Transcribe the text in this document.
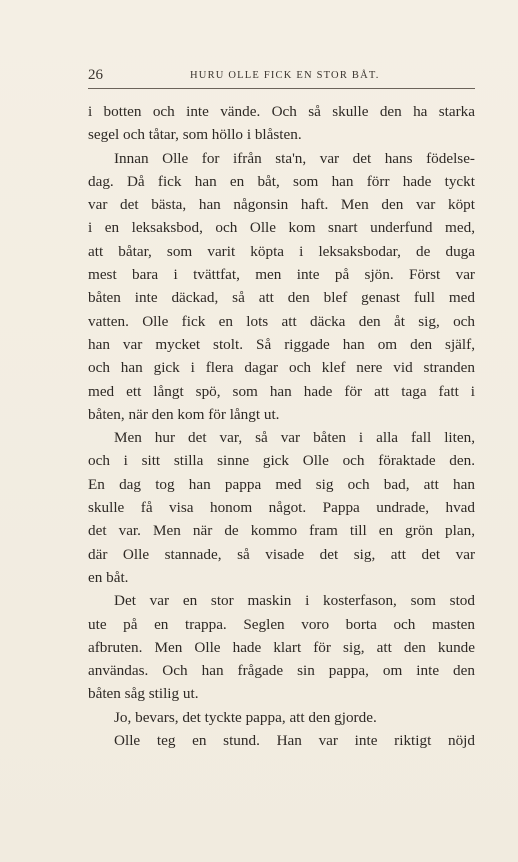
26	HURU OLLE FICK EN STOR BÅT.
i botten och inte vände. Och så skulle den ha starka
segel och tåtar, som höllo i blåsten.
Innan Olle for ifrån sta'n, var det hans födelse-
dag. Då fick han en båt, som han förr hade tyckt
var det bästa, han någonsin haft. Men den var köpt
i en leksaksbod, och Olle kom snart underfund med,
att båtar, som varit köpta i leksaksbodar, de duga
mest bara i tvättfat, men inte på sjön. Först var
båten inte däckad, så att den blef genast full med
vatten. Olle fick en lots att däcka den åt sig, och
han var mycket stolt. Så riggade han om den själf,
och han gick i flera dagar och klef nere vid stranden
med ett långt spö, som han hade för att taga fatt i
båten, när den kom för långt ut.
Men hur det var, så var båten i alla fall liten,
och i sitt stilla sinne gick Olle och föraktade den.
En dag tog han pappa med sig och bad, att han
skulle få visa honom något. Pappa undrade, hvad
det var. Men när de kommo fram till en grön plan,
där Olle stannade, så visade det sig, att det var
en båt.
Det var en stor maskin i kosterfason, som stod
ute på en trappa. Seglen voro borta och masten
afbruten. Men Olle hade klart för sig, att den kunde
användas. Och han frågade sin pappa, om inte den
båten såg stilig ut.
Jo, bevars, det tyckte pappa, att den gjorde.
Olle teg en stund. Han var inte riktigt nöjd
